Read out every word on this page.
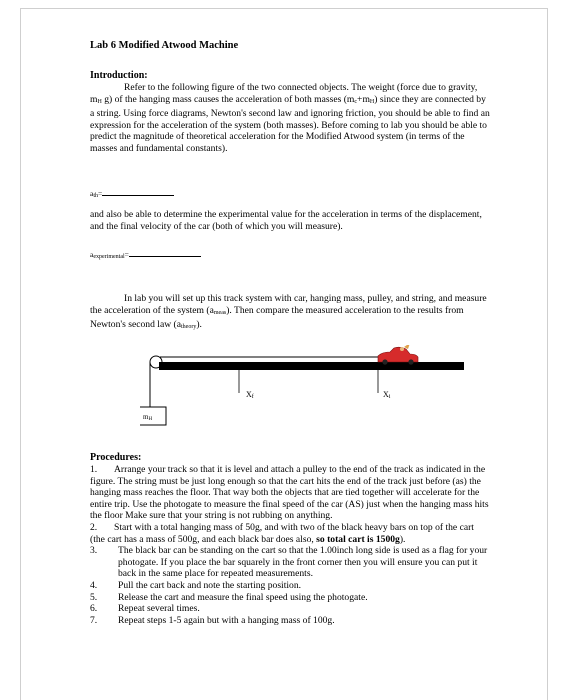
Lab 6 Modified Atwood Machine
Introduction:
Refer to the following figure of the two connected objects. The weight (force due to gravity, $m_H$ g) of the hanging mass causes the acceleration of both masses $(m_c+m_H)$ since they are connected by a string. Using force diagrams, Newton's second law and ignoring friction, you should be able to find an expression for the acceleration of the system (both masses). Before coming to lab you should be able to predict the magnitude of theoretical acceleration for the Modified Atwood system (in terms of the masses and fundamental constants).
$a_{th}=$
and also be able to determine the experimental value for the acceleration in terms of the displacement, and the final velocity of the car (both of which you will measure).
$a_{experimental}=$
In lab you will set up this track system with car, hanging mass, pulley, and string, and measure the acceleration of the system $(a_{meas})$. Then compare the measured acceleration to the results from Newton's second law $(a_{theory})$.
Procedures:
1. Arrange your track so that it is level and attach a pulley to the end of the track as indicated in the figure. The string must be just long enough so that the cart hits the end of the track just before (as) the hanging mass reaches the floor. That way both the objects that are tied together will accelerate for the entire trip. Use the photogate to measure the final speed of the car (AS) just when the hanging mass hits the floor Make sure that your string is not rubbing on anything.
2. Start with a total hanging mass of 50g, and with two of the black heavy bars on top of the cart (the cart has a mass of 500g, and each black bar does also, so total cart is 1500g).
3.	The black bar can be standing on the cart so that the 1.00inch long side is used as a flag for your photogate. If you place the bar squarely in the front corner then you will ensure you can put it back in the same place for repeated measurements.
4.	Pull the cart back and note the starting position.
5.	Release the cart and measure the final speed using the photogate.
6.	Repeat several times.
7.	Repeat steps 1-5 again but with a hanging mass of 100g.
Xf	Xi
mH
